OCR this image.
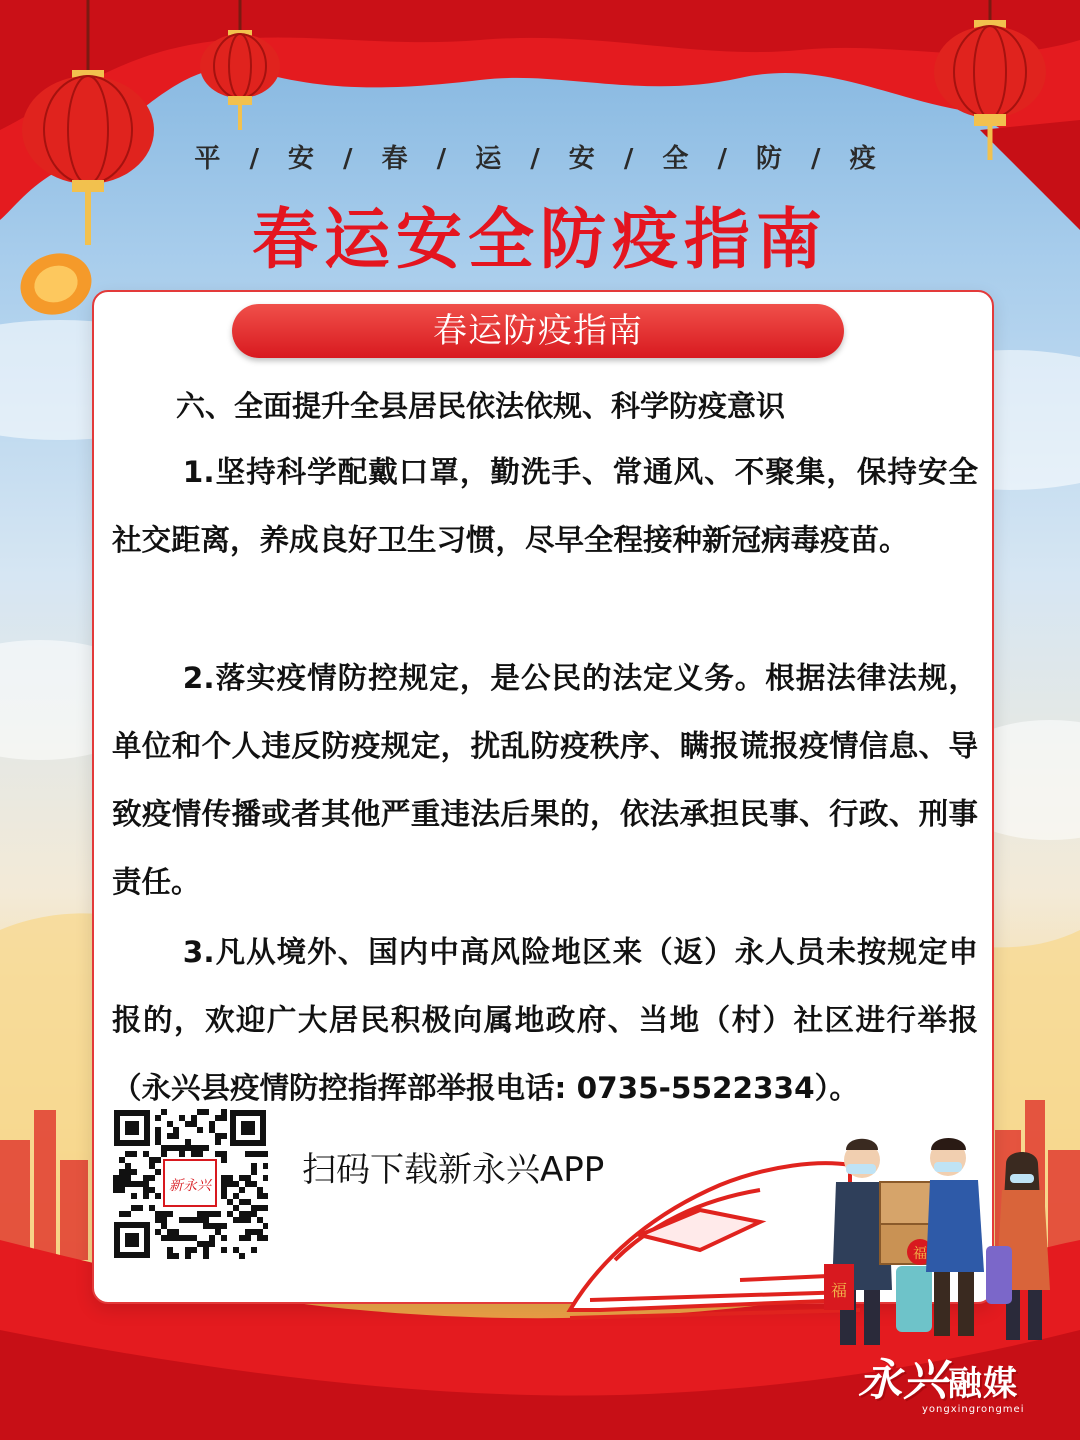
平 / 安 / 春 / 运 / 安 / 全 / 防 / 疫
春运安全防疫指南
春运防疫指南
六、全面提升全县居民依法依规、科学防疫意识
1.坚持科学配戴口罩，勤洗手、常通风、不聚集，保持安全社交距离，养成良好卫生习惯，尽早全程接种新冠病毒疫苗。
2.落实疫情防控规定，是公民的法定义务。根据法律法规，单位和个人违反防疫规定，扰乱防疫秩序、瞒报谎报疫情信息、导致疫情传播或者其他严重违法后果的，依法承担民事、行政、刑事责任。
3.凡从境外、国内中高风险地区来（返）永人员未按规定申报的，欢迎广大居民积极向属地政府、当地（村）社区进行举报（永兴县疫情防控指挥部举报电话: 0735-5522334）。
新永兴	扫码下载新永兴APP
福
福
永兴融媒
yongxingrongmei
